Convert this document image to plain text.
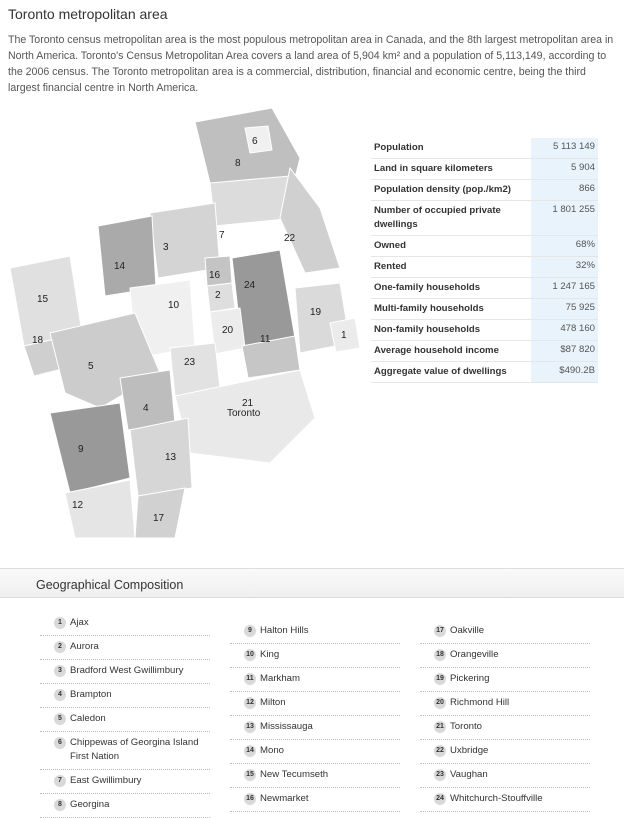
Toronto metropolitan area
The Toronto census metropolitan area is the most populous metropolitan area in Canada, and the 8th largest metropolitan area in North America. Toronto's Census Metropolitan Area covers a land area of 5,904 km² and a population of 5,113,149, according to the 2006 census. The Toronto metropolitan area is a commercial, distribution, financial and economic centre, being the third largest financial centre in North America.
1
2
3
4
5
6
7
8
9
10
11
12
13
14
15
16
17
18
19
20
21
22
23
24
Toronto
Population	5 113 149
Land in square kilometers	5 904
Population density (pop./km2)	866
Number of occupied private dwellings	1 801 255
Owned	68%
Rented	32%
One-family households	1 247 165
Multi-family households	75 925
Non-family households	478 160
Average household income	$87 820
Aggregate value of dwellings	$490.2B
Geographical Composition
1 Ajax
2 Aurora
3 Bradford West Gwillimbury
4 Brampton
5 Caledon
6 Chippewas of Georgina Island First Nation
7 East Gwillimbury
8 Georgina
9 Halton Hills
10 King
11 Markham
12 Milton
13 Mississauga
14 Mono
15 New Tecumseth
16 Newmarket
17 Oakville
18 Orangeville
19 Pickering
20 Richmond Hill
21 Toronto
22 Uxbridge
23 Vaughan
24 Whitchurch-Stouffville
